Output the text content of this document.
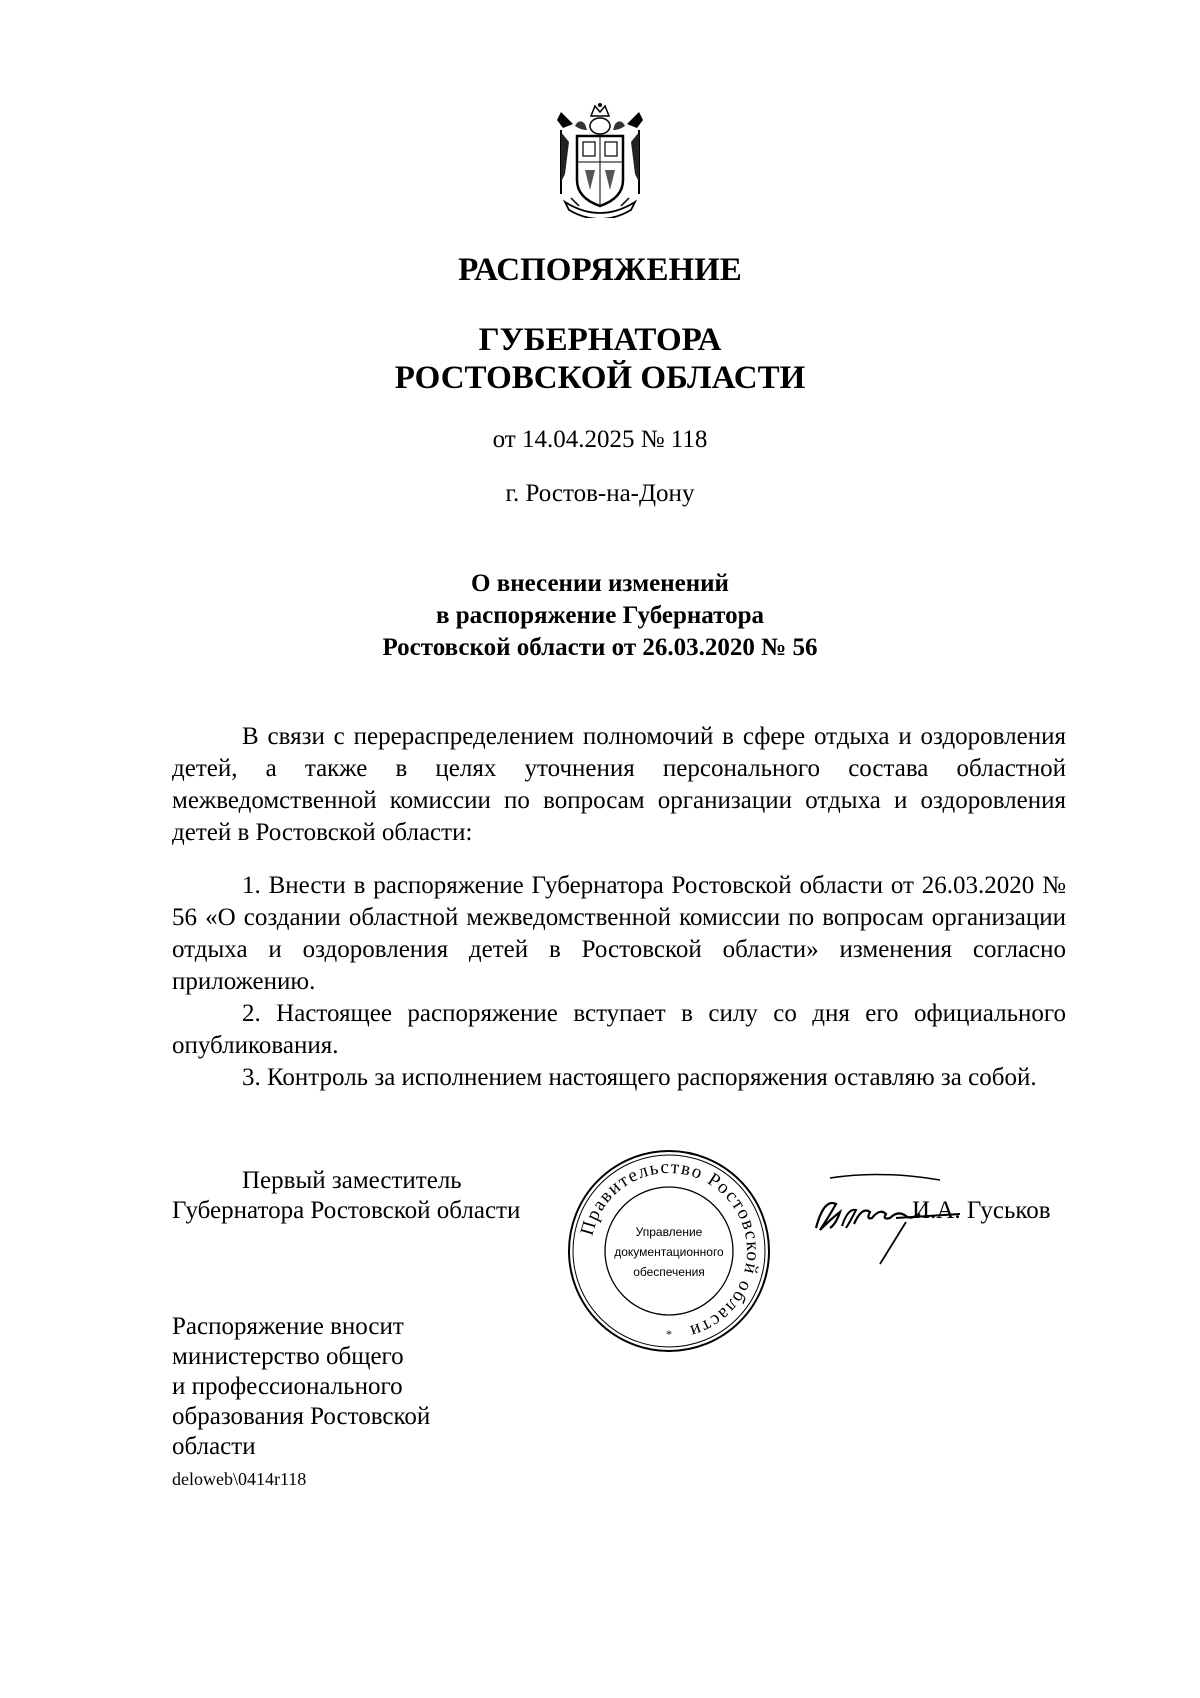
РАСПОРЯЖЕНИЕ
ГУБЕРНАТОРА
РОСТОВСКОЙ ОБЛАСТИ
от 14.04.2025 № 118
г. Ростов-на-Дону
О внесении изменений
в распоряжение Губернатора
Ростовской области от 26.03.2020 № 56

В связи с перераспределением полномочий в сфере отдыха и оздоровления детей, а также в целях уточнения персонального состава областной межведомственной комиссии по вопросам организации отдыха и оздоровления детей в Ростовской области:

1. Внести в распоряжение Губернатора Ростовской области от 26.03.2020 № 56 «О создании областной межведомственной комиссии по вопросам организации отдыха и оздоровления детей в Ростовской области» изменения согласно приложению.

2. Настоящее распоряжение вступает в силу со дня его официального опубликования.

3. Контроль за исполнением настоящего распоряжения оставляю за собой.

Первый заместитель
Губернатора Ростовской области
Правительство Ростовской области
Управление
документационного
обеспечения
*
И.А. Гуськов
Распоряжение вносит
министерство общего
и профессионального
образования Ростовской
области
deloweb\0414r118
